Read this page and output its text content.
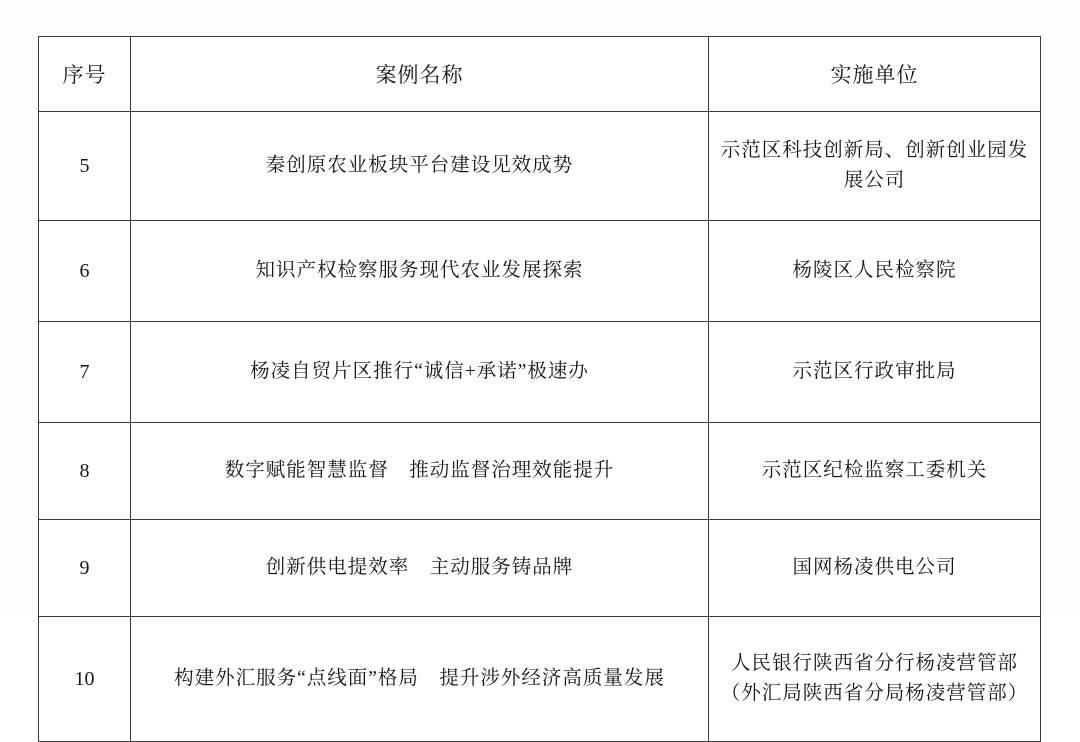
序号	案例名称	实施单位
5	秦创原农业板块平台建设见效成势	示范区科技创新局、创新创业园发展公司
6	知识产权检察服务现代农业发展探索	杨陵区人民检察院
7	杨凌自贸片区推行“诚信+承诺”极速办	示范区行政审批局
8	数字赋能智慧监督　推动监督治理效能提升	示范区纪检监察工委机关
9	创新供电提效率　主动服务铸品牌	国网杨凌供电公司
10	构建外汇服务“点线面”格局　提升涉外经济高质量发展	人民银行陕西省分行杨凌营管部（外汇局陕西省分局杨凌营管部）
